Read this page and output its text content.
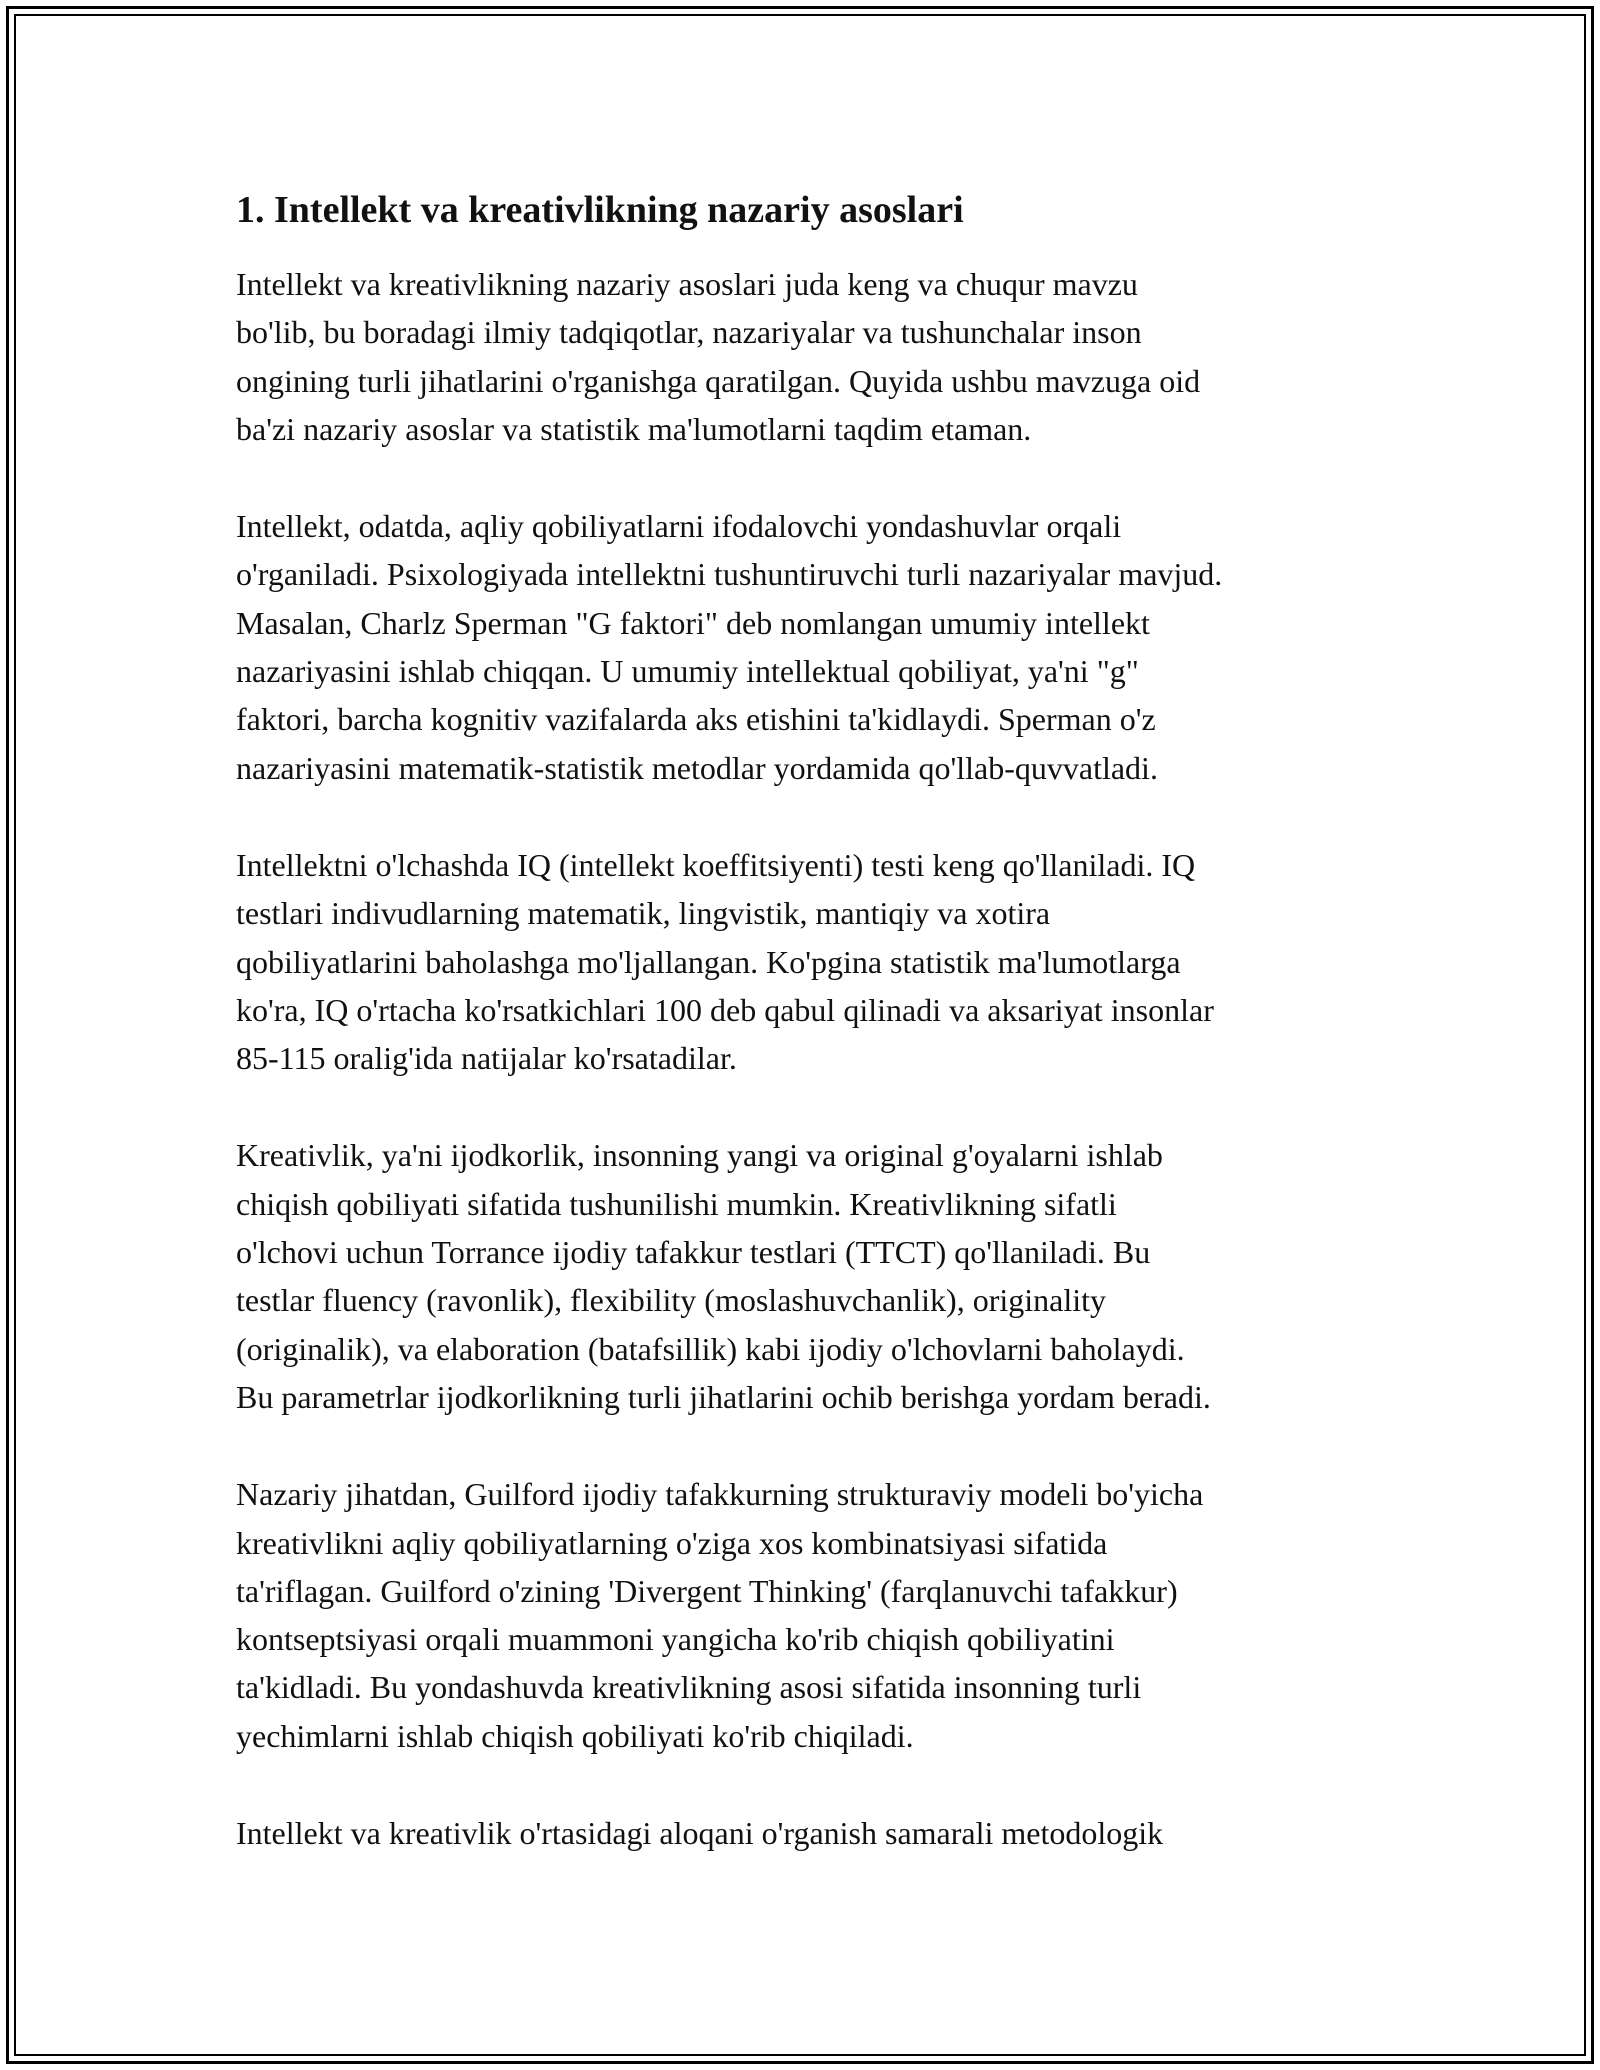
1. Intellekt va kreativlikning nazariy asoslari
Intellekt va kreativlikning nazariy asoslari juda keng va chuqur mavzu
bo'lib, bu boradagi ilmiy tadqiqotlar, nazariyalar va tushunchalar inson
ongining turli jihatlarini o'rganishga qaratilgan. Quyida ushbu mavzuga oid
ba'zi nazariy asoslar va statistik ma'lumotlarni taqdim etaman.
Intellekt, odatda, aqliy qobiliyatlarni ifodalovchi yondashuvlar orqali
o'rganiladi. Psixologiyada intellektni tushuntiruvchi turli nazariyalar mavjud.
Masalan, Charlz Sperman "G faktori" deb nomlangan umumiy intellekt
nazariyasini ishlab chiqqan. U umumiy intellektual qobiliyat, ya'ni "g"
faktori, barcha kognitiv vazifalarda aks etishini ta'kidlaydi. Sperman o'z
nazariyasini matematik-statistik metodlar yordamida qo'llab-quvvatladi.
Intellektni o'lchashda IQ (intellekt koeffitsiyenti) testi keng qo'llaniladi. IQ
testlari indivudlarning matematik, lingvistik, mantiqiy va xotira
qobiliyatlarini baholashga mo'ljallangan. Ko'pgina statistik ma'lumotlarga
ko'ra, IQ o'rtacha ko'rsatkichlari 100 deb qabul qilinadi va aksariyat insonlar
85-115 oralig'ida natijalar ko'rsatadilar.
Kreativlik, ya'ni ijodkorlik, insonning yangi va original g'oyalarni ishlab
chiqish qobiliyati sifatida tushunilishi mumkin. Kreativlikning sifatli
o'lchovi uchun Torrance ijodiy tafakkur testlari (TTCT) qo'llaniladi. Bu
testlar fluency (ravonlik), flexibility (moslashuvchanlik), originality
(originalik), va elaboration (batafsillik) kabi ijodiy o'lchovlarni baholaydi.
Bu parametrlar ijodkorlikning turli jihatlarini ochib berishga yordam beradi.
Nazariy jihatdan, Guilford ijodiy tafakkurning strukturaviy modeli bo'yicha
kreativlikni aqliy qobiliyatlarning o'ziga xos kombinatsiyasi sifatida
ta'riflagan. Guilford o'zining 'Divergent Thinking' (farqlanuvchi tafakkur)
kontseptsiyasi orqali muammoni yangicha ko'rib chiqish qobiliyatini
ta'kidladi. Bu yondashuvda kreativlikning asosi sifatida insonning turli
yechimlarni ishlab chiqish qobiliyati ko'rib chiqiladi.
Intellekt va kreativlik o'rtasidagi aloqani o'rganish samarali metodologik
